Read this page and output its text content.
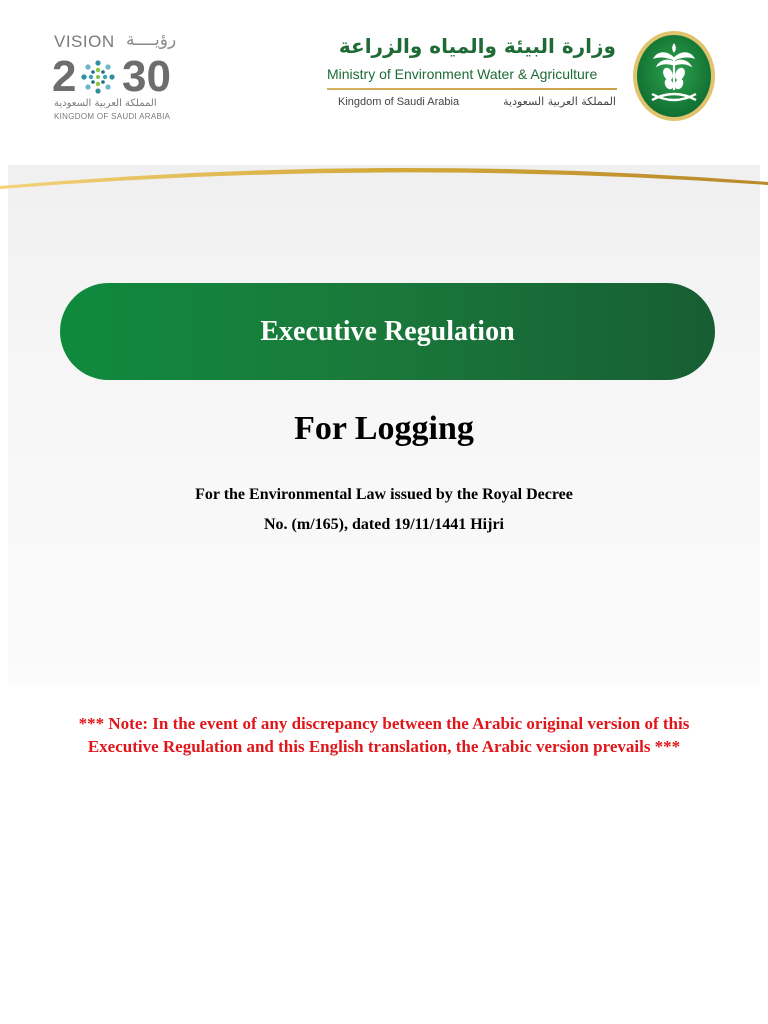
VISION رؤيــــة
2 30
المملكة العربية السعودية
KINGDOM OF SAUDI ARABIA
وزارة البيئة والمياه والزراعة
Ministry of Environment Water & Agriculture
Kingdom of Saudi Arabia	المملكة العربية السعودية
Executive Regulation
For Logging
For the Environmental Law issued by the Royal Decree
No. (m/165), dated 19/11/1441 Hijri
*** Note: In the event of any discrepancy between the Arabic original version of this
Executive Regulation and this English translation, the Arabic version prevails ***
